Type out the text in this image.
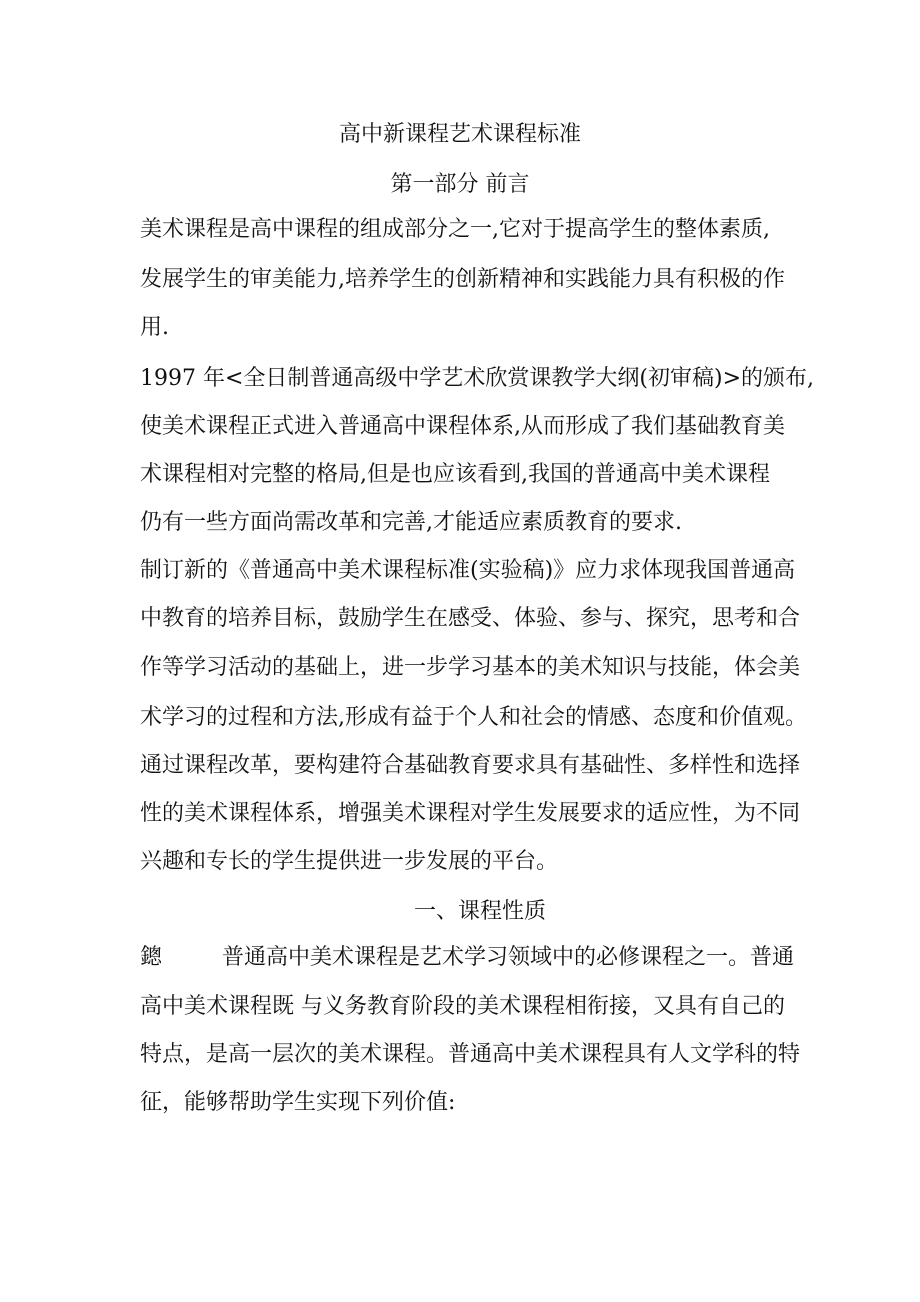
高中新课程艺术课程标准
第一部分 前言
美术课程是高中课程的组成部分之一,它对于提高学生的整体素质,
发展学生的审美能力,培养学生的创新精神和实践能力具有积极的作
用.
1997 年<全日制普通高级中学艺术欣赏课教学大纲(初审稿)>的颁布,
使美术课程正式进入普通高中课程体系,从而形成了我们基础教育美
术课程相对完整的格局,但是也应该看到,我国的普通高中美术课程
仍有一些方面尚需改革和完善,才能适应素质教育的要求.
制订新的《普通高中美术课程标准(实验稿)》应力求体现我国普通高
中教育的培养目标，鼓励学生在感受、体验、参与、探究，思考和合
作等学习活动的基础上，进一步学习基本的美术知识与技能，体会美
术学习的过程和方法,形成有益于个人和社会的情感、态度和价值观。
通过课程改革，要构建符合基础教育要求具有基础性、多样性和选择
性的美术课程体系，增强美术课程对学生发展要求的适应性，为不同
兴趣和专长的学生提供进一步发展的平台。
一、课程性质
鏓	普通高中美术课程是艺术学习领域中的必修课程之一。普通
高中美术课程既 与义务教育阶段的美术课程相衔接，又具有自己的
特点，是高一层次的美术课程。普通高中美术课程具有人文学科的特
征，能够帮助学生实现下列价值:
